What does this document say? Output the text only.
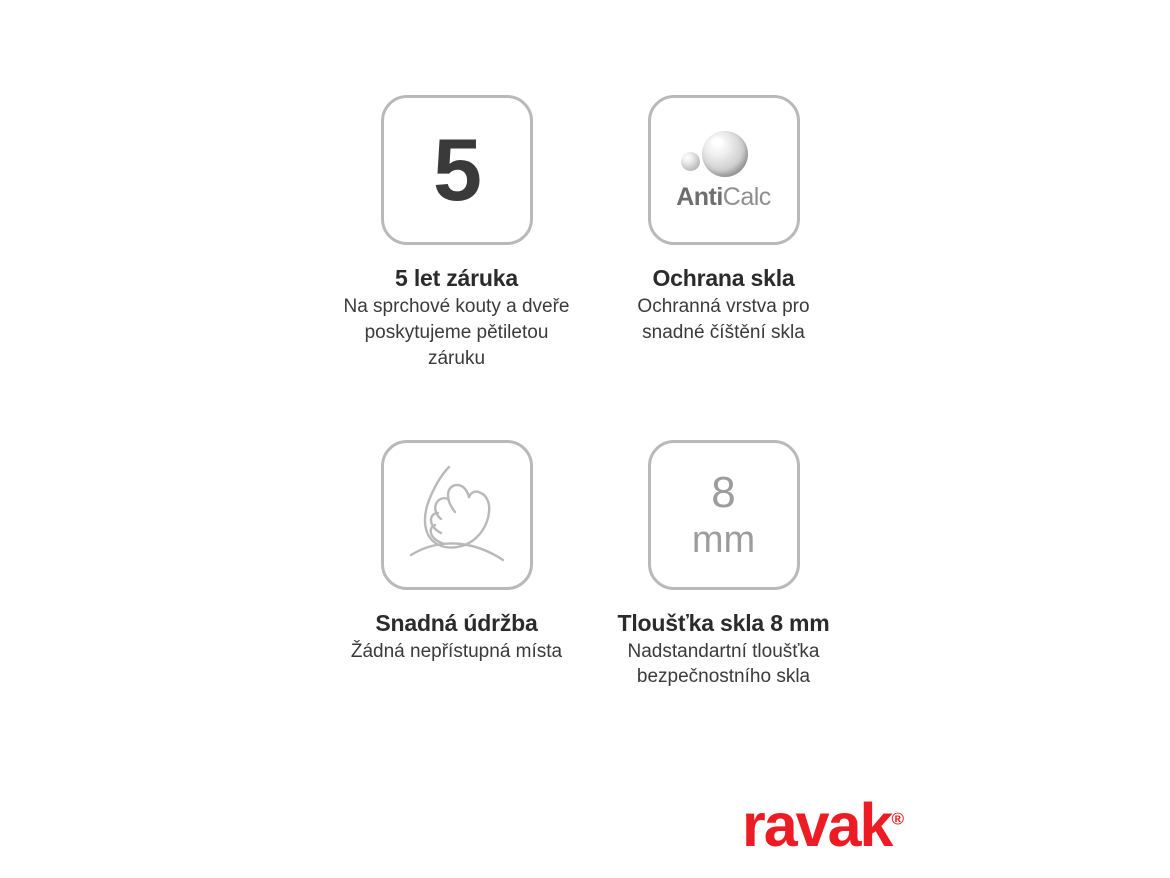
5
5 let záruka
Na sprchové kouty a dveře poskytujeme pětiletou záruku
AntiCalc
Ochrana skla
Ochranná vrstva pro snadné číštění skla
Snadná údržba
Žádná nepřístupná místa
8
mm
Tloušťka skla 8 mm
Nadstandartní tloušťka bezpečnostního skla
ravak®
